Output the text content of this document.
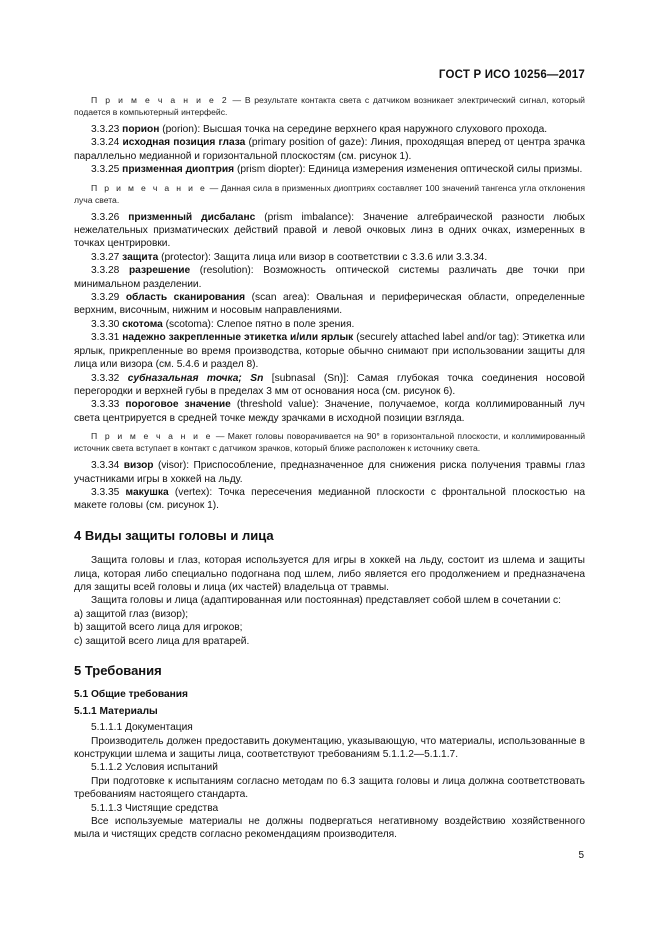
ГОСТ Р ИСО 10256—2017

П р и м е ч а н и е 2 — В результате контакта света с датчиком возникает электрический сигнал, который подается в компьютерный интерфейс.

3.3.23 порион (porion): Высшая точка на середине верхнего края наружного слухового прохода.

3.3.24 исходная позиция глаза (primary position of gaze): Линия, проходящая вперед от центра зрачка параллельно медианной и горизонтальной плоскостям (см. рисунок 1).

3.3.25 призменная диоптрия (prism diopter): Единица измерения изменения оптической силы призмы.

П р и м е ч а н и е — Данная сила в призменных диоптриях составляет 100 значений тангенса угла отклонения луча света.

3.3.26 призменный дисбаланс (prism imbalance): Значение алгебраической разности любых нежелательных призматических действий правой и левой очковых линз в одних очках, измеренных в точках центрировки.

3.3.27 защита (protector): Защита лица или визор в соответствии с 3.3.6 или 3.3.34.

3.3.28 разрешение (resolution): Возможность оптической системы различать две точки при минимальном разделении.

3.3.29 область сканирования (scan area): Овальная и периферическая области, определенные верхним, височным, нижним и носовым направлениями.

3.3.30 скотома (scotoma): Слепое пятно в поле зрения.

3.3.31 надежно закрепленные этикетка и/или ярлык (securely attached label and/or tag): Этикетка или ярлык, прикрепленные во время производства, которые обычно снимают при использовании защиты для лица или визора (см. 5.4.6 и раздел 8).

3.3.32 субназальная точка; Sn [subnasal (Sn)]: Самая глубокая точка соединения носовой перегородки и верхней губы в пределах 3 мм от основания носа (см. рисунок 6).

3.3.33 пороговое значение (threshold value): Значение, получаемое, когда коллимированный луч света центрируется в средней точке между зрачками в исходной позиции взгляда.

П р и м е ч а н и е — Макет головы поворачивается на 90° в горизонтальной плоскости, и коллимированный источник света вступает в контакт с датчиком зрачков, который ближе расположен к источнику света.

3.3.34 визор (visor): Приспособление, предназначенное для снижения риска получения травмы глаз участниками игры в хоккей на льду.

3.3.35 макушка (vertex): Точка пересечения медианной плоскости с фронтальной плоскостью на макете головы (см. рисунок 1).

4 Виды защиты головы и лица

Защита головы и глаз, которая используется для игры в хоккей на льду, состоит из шлема и защиты лица, которая либо специально подогнана под шлем, либо является его продолжением и предназначена для защиты всей головы и лица (их частей) владельца от травмы.

Защита головы и лица (адаптированная или постоянная) представляет собой шлем в сочетании с:

а) защитой глаз (визор);

b) защитой всего лица для игроков;

с) защитой всего лица для вратарей.

5 Требования
5.1 Общие требования
5.1.1 Материалы

5.1.1.1 Документация

Производитель должен предоставить документацию, указывающую, что материалы, использованные в конструкции шлема и защиты лица, соответствуют требованиям 5.1.1.2—5.1.1.7.

5.1.1.2 Условия испытаний

При подготовке к испытаниям согласно методам по 6.3 защита головы и лица должна соответствовать требованиям настоящего стандарта.

5.1.1.3 Чистящие средства

Все используемые материалы не должны подвергаться негативному воздействию хозяйственного мыла и чистящих средств согласно рекомендациям производителя.

5
